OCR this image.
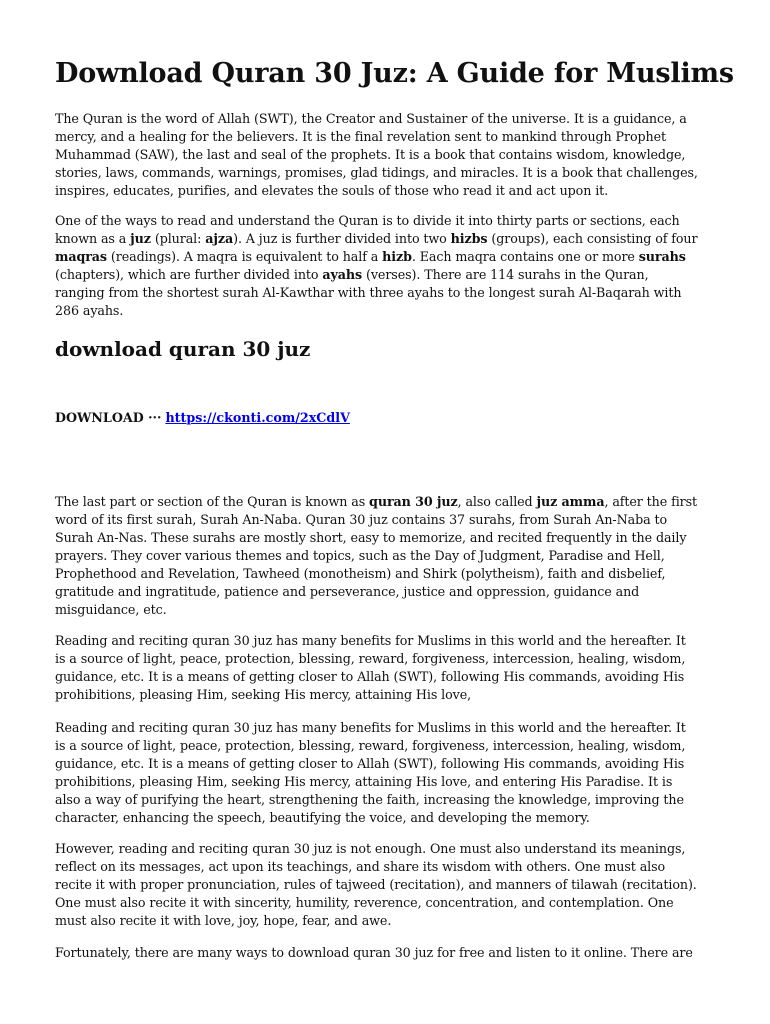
Download Quran 30 Juz: A Guide for Muslims

The Quran is the word of Allah (SWT), the Creator and Sustainer of the universe. It is a guidance, a
mercy, and a healing for the believers. It is the final revelation sent to mankind through Prophet
Muhammad (SAW), the last and seal of the prophets. It is a book that contains wisdom, knowledge,
stories, laws, commands, warnings, promises, glad tidings, and miracles. It is a book that challenges,
inspires, educates, purifies, and elevates the souls of those who read it and act upon it.

One of the ways to read and understand the Quran is to divide it into thirty parts or sections, each
known as a juz (plural: ajza). A juz is further divided into two hizbs (groups), each consisting of four
maqras (readings). A maqra is equivalent to half a hizb. Each maqra contains one or more surahs
(chapters), which are further divided into ayahs (verses). There are 114 surahs in the Quran,
ranging from the shortest surah Al-Kawthar with three ayahs to the longest surah Al-Baqarah with
286 ayahs.

download quran 30 juz
DOWNLOAD ··· https://ckonti.com/2xCdlV

The last part or section of the Quran is known as quran 30 juz, also called juz amma, after the first
word of its first surah, Surah An-Naba. Quran 30 juz contains 37 surahs, from Surah An-Naba to
Surah An-Nas. These surahs are mostly short, easy to memorize, and recited frequently in the daily
prayers. They cover various themes and topics, such as the Day of Judgment, Paradise and Hell,
Prophethood and Revelation, Tawheed (monotheism) and Shirk (polytheism), faith and disbelief,
gratitude and ingratitude, patience and perseverance, justice and oppression, guidance and
misguidance, etc.

Reading and reciting quran 30 juz has many benefits for Muslims in this world and the hereafter. It
is a source of light, peace, protection, blessing, reward, forgiveness, intercession, healing, wisdom,
guidance, etc. It is a means of getting closer to Allah (SWT), following His commands, avoiding His
prohibitions, pleasing Him, seeking His mercy, attaining His love,

Reading and reciting quran 30 juz has many benefits for Muslims in this world and the hereafter. It
is a source of light, peace, protection, blessing, reward, forgiveness, intercession, healing, wisdom,
guidance, etc. It is a means of getting closer to Allah (SWT), following His commands, avoiding His
prohibitions, pleasing Him, seeking His mercy, attaining His love, and entering His Paradise. It is
also a way of purifying the heart, strengthening the faith, increasing the knowledge, improving the
character, enhancing the speech, beautifying the voice, and developing the memory.

However, reading and reciting quran 30 juz is not enough. One must also understand its meanings,
reflect on its messages, act upon its teachings, and share its wisdom with others. One must also
recite it with proper pronunciation, rules of tajweed (recitation), and manners of tilawah (recitation).
One must also recite it with sincerity, humility, reverence, concentration, and contemplation. One
must also recite it with love, joy, hope, fear, and awe.

Fortunately, there are many ways to download quran 30 juz for free and listen to it online. There are
